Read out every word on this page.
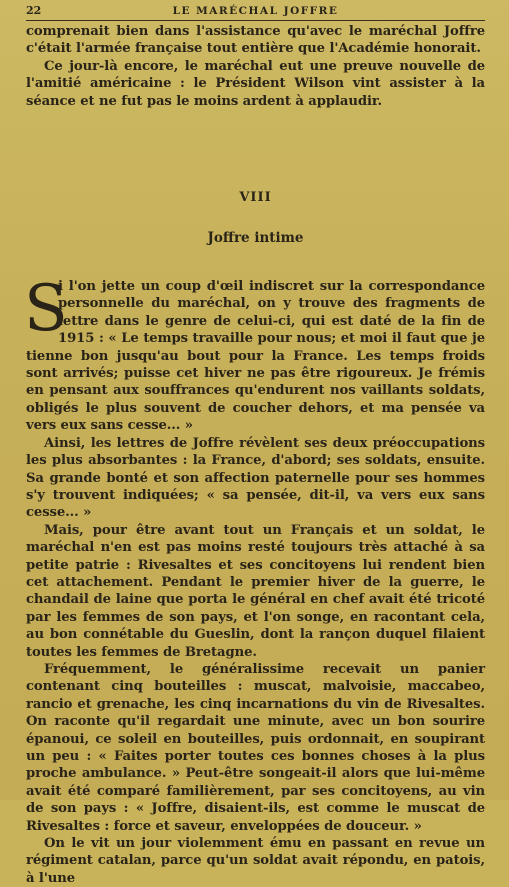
22	LE MARÉCHAL JOFFRE

comprenait bien dans l'assistance qu'avec le maréchal Joffre c'était l'armée française tout entière que l'Académie honorait.

Ce jour-là encore, le maréchal eut une preuve nouvelle de l'amitié américaine : le Président Wilson vint assister à la séance et ne fut pas le moins ardent à applaudir.

VIII
Joffre intime

S
i l'on jette un coup d'œil indiscret sur la correspondance personnelle du maréchal, on y trouve des fragments de lettre dans le genre de celui-ci, qui est daté de la fin de 1915 : « Le temps travaille pour nous; et moi il faut que je tienne bon jusqu'au bout pour la France. Les temps froids sont arrivés; puisse cet hiver ne pas être rigoureux. Je frémis en pensant aux souffrances qu'endurent nos vaillants soldats, obligés le plus souvent de coucher dehors, et ma pensée va vers eux sans cesse... »

Ainsi, les lettres de Joffre révèlent ses deux préoccupations les plus absorbantes : la France, d'abord; ses soldats, ensuite. Sa grande bonté et son affection paternelle pour ses hommes s'y trouvent indiquées; « sa pensée, dit-il, va vers eux sans cesse... »

Mais, pour être avant tout un Français et un soldat, le maréchal n'en est pas moins resté toujours très attaché à sa petite patrie : Rivesaltes et ses concitoyens lui rendent bien cet attachement. Pendant le premier hiver de la guerre, le chandail de laine que porta le général en chef avait été tricoté par les femmes de son pays, et l'on songe, en racontant cela, au bon connétable du Gueslin, dont la rançon duquel filaient toutes les femmes de Bretagne.

Fréquemment, le généralissime recevait un panier contenant cinq bouteilles : muscat, malvoisie, maccabeo, rancio et grenache, les cinq incarnations du vin de Rivesaltes. On raconte qu'il regardait une minute, avec un bon sourire épanoui, ce soleil en bouteilles, puis ordonnait, en soupirant un peu : « Faites porter toutes ces bonnes choses à la plus proche ambulance. » Peut-être songeait-il alors que lui-même avait été comparé familièrement, par ses concitoyens, au vin de son pays : « Joffre, disaient-ils, est comme le muscat de Rivesaltes : force et saveur, enveloppées de douceur. »

On le vit un jour violemment ému en passant en revue un régiment catalan, parce qu'un soldat avait répondu, en patois, à l'une
